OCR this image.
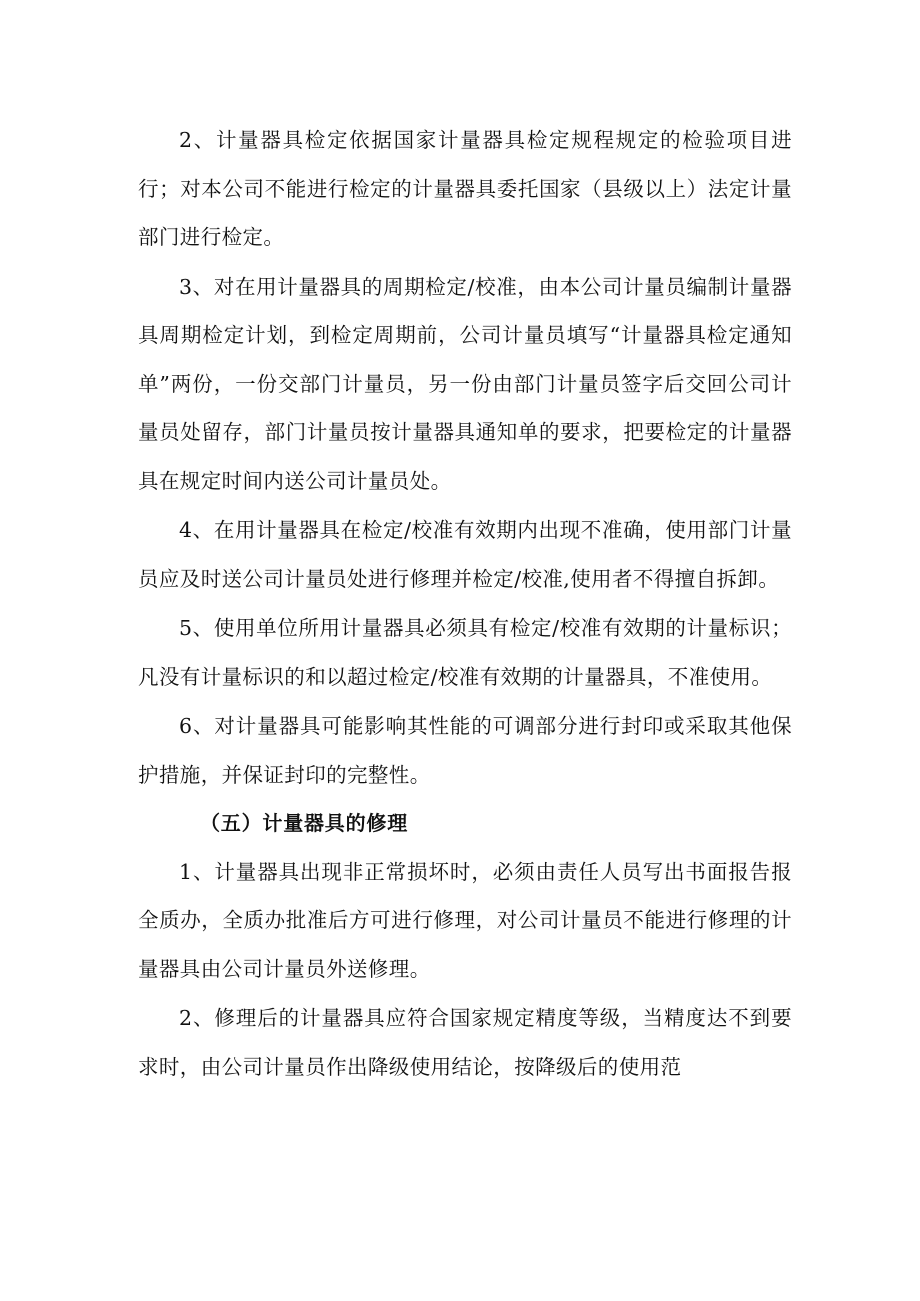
2、计量器具检定依据国家计量器具检定规程规定的检验项目进行；对本公司不能进行检定的计量器具委托国家（县级以上）法定计量部门进行检定。

3、对在用计量器具的周期检定/校准，由本公司计量员编制计量器具周期检定计划，到检定周期前，公司计量员填写“计量器具检定通知单”两份，一份交部门计量员，另一份由部门计量员签字后交回公司计量员处留存，部门计量员按计量器具通知单的要求，把要检定的计量器具在规定时间内送公司计量员处。

4、在用计量器具在检定/校准有效期内出现不准确，使用部门计量员应及时送公司计量员处进行修理并检定/校准,使用者不得擅自拆卸。

5、使用单位所用计量器具必须具有检定/校准有效期的计量标识；凡没有计量标识的和以超过检定/校准有效期的计量器具，不准使用。

6、对计量器具可能影响其性能的可调部分进行封印或采取其他保护措施，并保证封印的完整性。

（五）计量器具的修理

1、计量器具出现非正常损坏时，必须由责任人员写出书面报告报全质办，全质办批准后方可进行修理，对公司计量员不能进行修理的计量器具由公司计量员外送修理。

2、修理后的计量器具应符合国家规定精度等级，当精度达不到要求时，由公司计量员作出降级使用结论，按降级后的使用范
